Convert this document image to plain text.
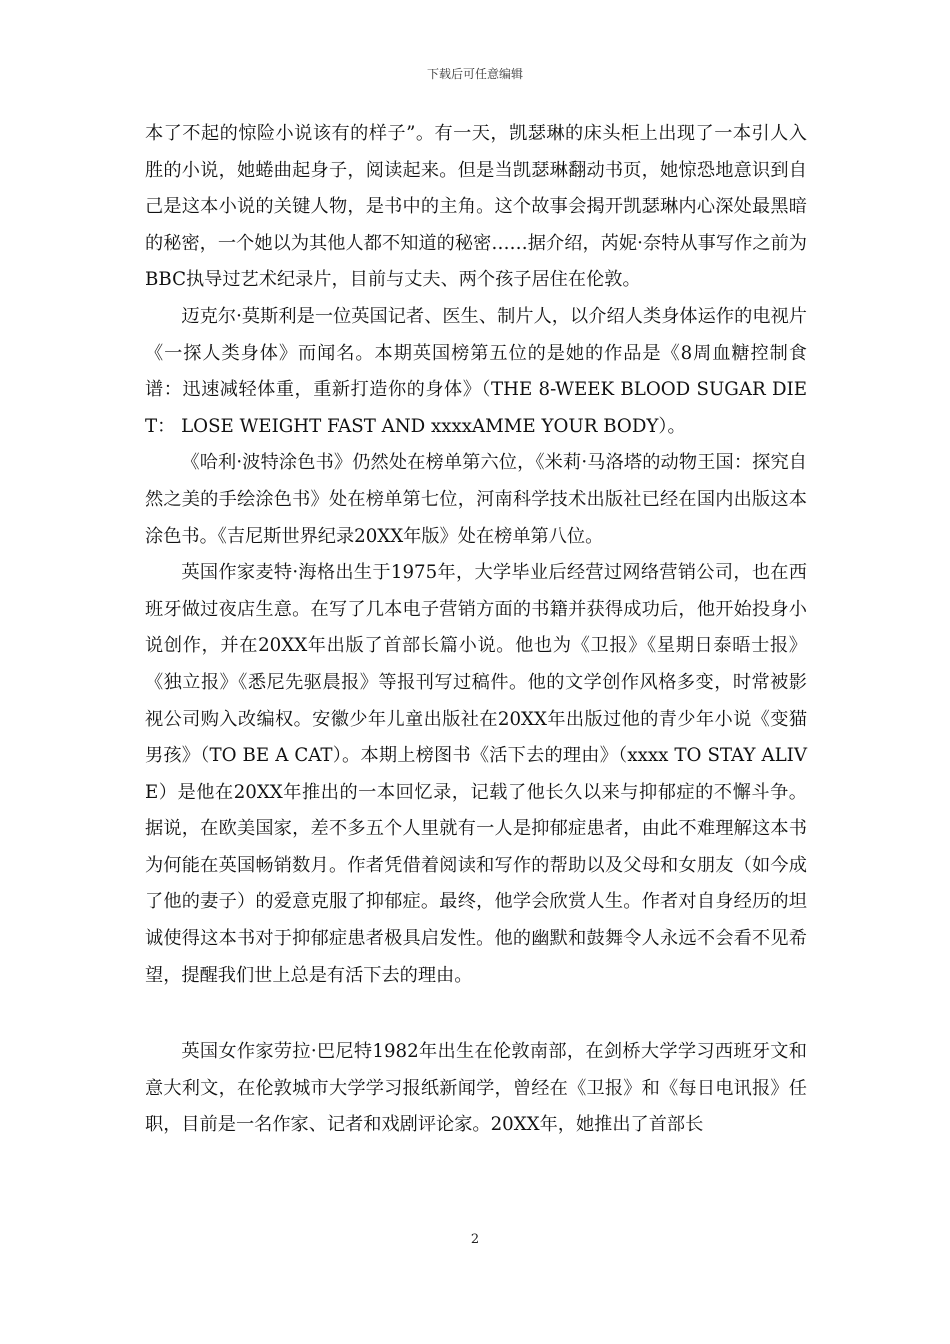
下载后可任意编辑

本了不起的惊险小说该有的样子”。有一天，凯瑟琳的床头柜上出现了一本引人入胜的小说，她蜷曲起身子，阅读起来。但是当凯瑟琳翻动书页，她惊恐地意识到自己是这本小说的关键人物，是书中的主角。这个故事会揭开凯瑟琳内心深处最黑暗的秘密，一个她以为其他人都不知道的秘密……据介绍，芮妮·奈特从事写作之前为BBC执导过艺术纪录片，目前与丈夫、两个孩子居住在伦敦。

迈克尔·莫斯利是一位英国记者、医生、制片人，以介绍人类身体运作的电视片《一探人类身体》而闻名。本期英国榜第五位的是她的作品是《8周血糖控制食谱：迅速减轻体重，重新打造你的身体》（THE 8-WEEK BLOOD SUGAR DIET： LOSE WEIGHT FAST AND xxxxAMME YOUR BODY）。

《哈利·波特涂色书》仍然处在榜单第六位，《米莉·马洛塔的动物王国：探究自然之美的手绘涂色书》处在榜单第七位，河南科学技术出版社已经在国内出版这本涂色书。《吉尼斯世界纪录20XX年版》处在榜单第八位。

英国作家麦特·海格出生于1975年，大学毕业后经营过网络营销公司，也在西班牙做过夜店生意。在写了几本电子营销方面的书籍并获得成功后，他开始投身小说创作，并在20XX年出版了首部长篇小说。他也为《卫报》《星期日泰晤士报》《独立报》《悉尼先驱晨报》等报刊写过稿件。他的文学创作风格多变，时常被影视公司购入改编权。安徽少年儿童出版社在20XX年出版过他的青少年小说《变猫男孩》（TO BE A CAT）。本期上榜图书《活下去的理由》（xxxx TO STAY ALIVE）是他在20XX年推出的一本回忆录，记载了他长久以来与抑郁症的不懈斗争。据说，在欧美国家，差不多五个人里就有一人是抑郁症患者，由此不难理解这本书为何能在英国畅销数月。作者凭借着阅读和写作的帮助以及父母和女朋友（如今成了他的妻子）的爱意克服了抑郁症。最终，他学会欣赏人生。作者对自身经历的坦诚使得这本书对于抑郁症患者极具启发性。他的幽默和鼓舞令人永远不会看不见希望，提醒我们世上总是有活下去的理由。

英国女作家劳拉·巴尼特1982年出生在伦敦南部，在剑桥大学学习西班牙文和意大利文，在伦敦城市大学学习报纸新闻学，曾经在《卫报》和《每日电讯报》任职，目前是一名作家、记者和戏剧评论家。20XX年，她推出了首部长

2
